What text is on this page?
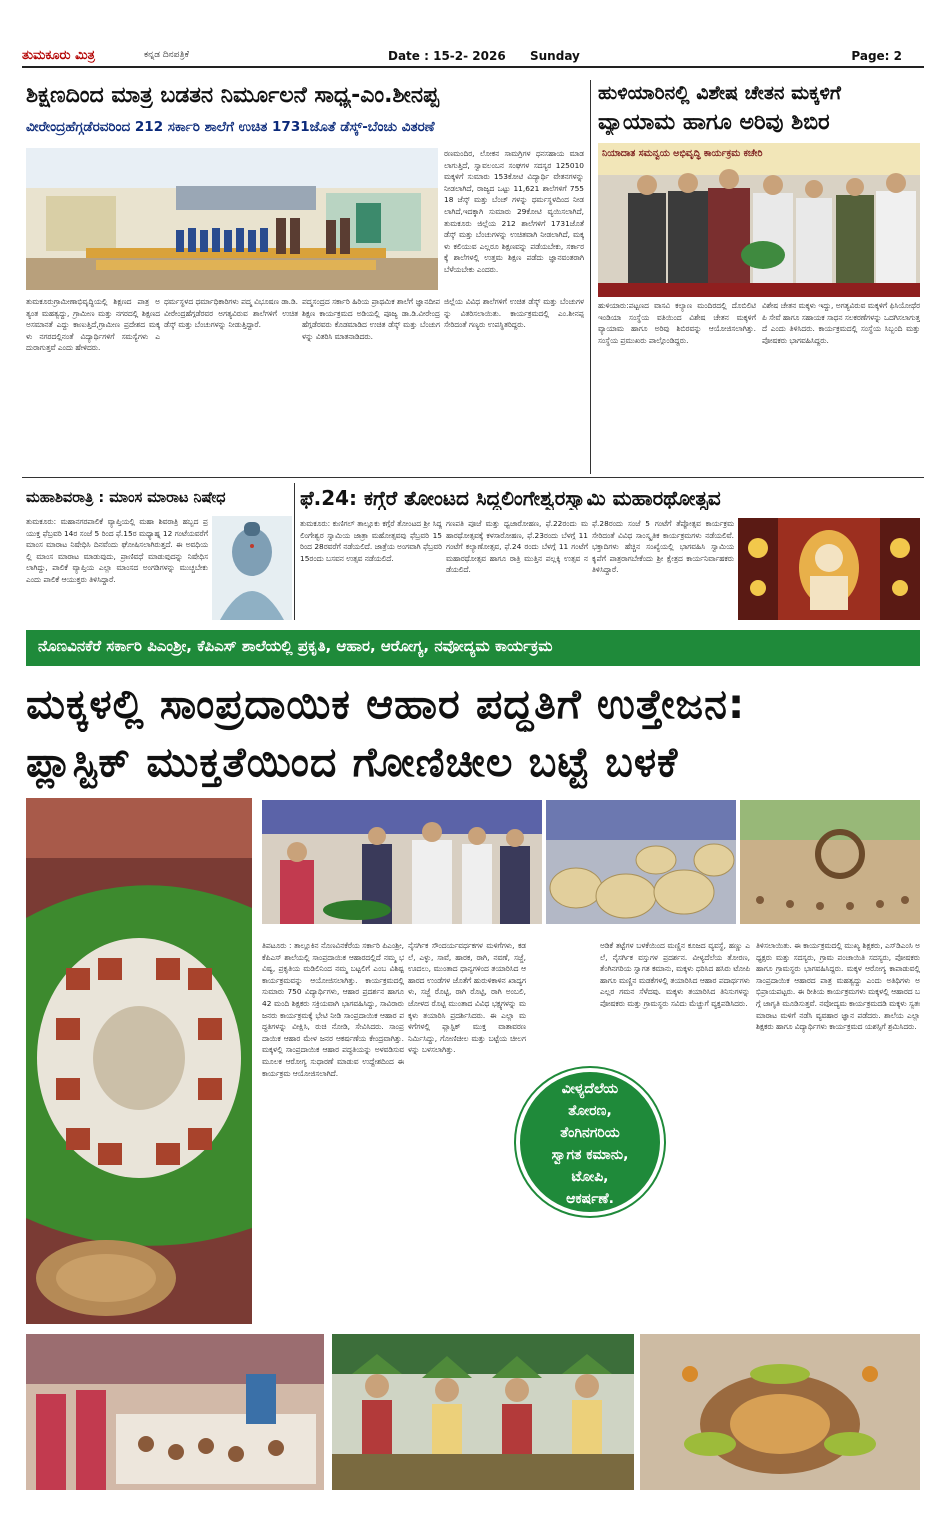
ತುಮಕೂರು ಮಿತ್ರ	ಕನ್ನಡ ದಿನಪತ್ರಿಕೆ	Date : 15-2- 2026 Sunday	Page: 2
ಶಿಕ್ಷಣದಿಂದ ಮಾತ್ರ ಬಡತನ ನಿರ್ಮೂಲನೆ ಸಾಧ್ಯ-ಎಂ.ಶೀನಪ್ಪ
ವೀರೇಂದ್ರಹೆಗ್ಗಡೆರವರಿಂದ 212 ಸರ್ಕಾರಿ ಶಾಲೆಗೆ ಉಚಿತ 1731ಜೊತೆ ಡೆಸ್ಕ್-ಬೆಂಚು ವಿತರಣೆ
ರಣಮಂದಿರ, ಲೋಕನ ಸಾಮಗ್ರಿಗಳ ಧನಸಹಾಯ ಮಾಡಲಾಗುತ್ತಿದೆ, ಸ್ವಾವಲಂಬನ ಸಂಘಗಳ ಸದಸ್ಯರ 125010 ಮಕ್ಕಳಿಗೆ ಸುಮಾರು 153ಕೋಟಿ ವಿದ್ಯಾರ್ಥಿ ವೇತನಗಳನ್ನು ನೀಡಲಾಗಿದೆ, ರಾಜ್ಯದ ಒಟ್ಟು 11,621 ಶಾಲೆಗಳಿಗೆ 75518 ಜೆಸ್ಕ್ ಮತ್ತು ಬೆಂಚ್ ಗಳನ್ನು ಧರ್ಮಸ್ಥಳದಿಂದ ನೀಡಲಾಗಿದೆ,ಇದಕ್ಕಾಗಿ ಸುಮಾರು 29ಕೋಟಿ ವ್ಯಯಿಸಲಾಗಿದೆ, ತುಮಕೂರು ಜಿಲ್ಲೆಯ 212 ಶಾಲೆಗಳಿಗೆ 1731ಜೊತೆ ಡೆಸ್ಕ್ ಮತ್ತು ಬೆಂಚುಗಳನ್ನು ಉಚಿತವಾಗಿ ನೀಡಲಾಗಿದೆ, ಮಕ್ಕಳು ಕಲಿಯುವ ಎಲ್ಲರೂ ಶಿಕ್ಷಣವನ್ನು ಪಡೆಯಬೇಕು, ಸರ್ಕಾರಕ್ಕೆ ಶಾಲೆಗಳಲ್ಲಿ ಉತ್ತಮ ಶಿಕ್ಷಣ ಪಡೆದು ಜ್ಞಾನವಂತರಾಗಿ ಬೆಳೆಯಬೇಕು ಎಂದರು.
ತುಮಕೂರುಗ್ರಾಮೀಣಾಭಿವೃದ್ಧಿಯಲ್ಲಿ ಶಿಕ್ಷಣದ ಪಾತ್ರ ಅತ್ಯಂತ ಮಹತ್ವದ್ದು, ಗ್ರಾಮೀಣ ಮತ್ತು ನಗರದಲ್ಲಿ ಶಿಕ್ಷಣದ ಅಸಮಾನತೆ ಎದ್ದು ಕಾಣುತ್ತಿದೆ,ಗ್ರಾಮೀಣ ಪ್ರದೇಶದ ಮಕ್ಕಳು ನಗರದಲ್ಲಿನಂತೆ ವಿದ್ಯಾರ್ಥಿಗಳಿಗೆ ಸಮಸ್ಯೆಗಳು ಎದುರಾಗುತ್ತವೆ ಎಂದು ಹೇಳಿದರು.
ಧರ್ಮಸ್ಥಳದ ಧರ್ಮಾಧಿಕಾರಿಗಳು ಪದ್ಮ ವಿಭೂಷಣ ಡಾ.ಡಿ.ವೀರೇಂದ್ರಹೆಗ್ಗಡೆರವರ ಅಗತ್ಯವಿರುವ ಶಾಲೆಗಳಿಗೆ ಉಚಿತ ಡೆಸ್ಕ್ ಮತ್ತು ಬೆಂಚುಗಳನ್ನು ನೀಡುತ್ತಿದ್ದಾರೆ.
ಪದ್ಮಸಂದ್ರದ ಸರ್ಕಾರಿ ಹಿರಿಯ ಪ್ರಾಥಮಿಕ ಶಾಲೆಗೆ ಜ್ಞಾನದೀಪ ಶಿಕ್ಷಣ ಕಾರ್ಯಕ್ರಮದ ಅಡಿಯಲ್ಲಿ ಪೂಜ್ಯ ಡಾ.ಡಿ.ವೀರೇಂದ್ರ ಹೆಗ್ಗಡೆರವರು ಕೊಡಮಾಡಿದ ಉಚಿತ ಡೆಸ್ಕ್ ಮತ್ತು ಬೆಂಚುಗಳನ್ನು ವಿತರಿಸಿ ಮಾತನಾಡಿದರು.
ಜಿಲ್ಲೆಯ ವಿವಿಧ ಶಾಲೆಗಳಿಗೆ ಉಚಿತ ಡೆಸ್ಕ್ ಮತ್ತು ಬೆಂಚುಗಳನ್ನು ವಿತರಿಸಲಾಯಿತು. ಕಾರ್ಯಕ್ರಮದಲ್ಲಿ ಎಂ.ಶೀನಪ್ಪ ಸೇರಿದಂತೆ ಗಣ್ಯರು ಉಪಸ್ಥಿತರಿದ್ದರು.
ಹುಳಿಯಾರಿನಲ್ಲಿ ವಿಶೇಷ ಚೇತನ ಮಕ್ಕಳಿಗೆ
ವ್ಯಾಯಾಮ ಹಾಗೂ ಅರಿವು ಶಿಬಿರ
ನಿಯಾದಾತ ಸಮನ್ವಯ ಅಭಿವೃದ್ಧಿ ಕಾರ್ಯಕ್ರಮ ಕಚೇರಿ
ಹುಳಿಯಾರು:ಪಟ್ಟಣದ ವಾಸವಿ ಕಲ್ಯಾಣ ಮಂದಿರದಲ್ಲಿ ದೊಬಿಲಿಟಿ ಇಂಡಿಯಾ ಸಂಸ್ಥೆಯ ವತಿಯಿಂದ ವಿಶೇಷ ಚೇತನ ಮಕ್ಕಳಿಗೆ ವ್ಯಾಯಾಮ ಹಾಗೂ ಅರಿವು ಶಿಬಿರವನ್ನು ಆಯೋಜಿಸಲಾಗಿತ್ತು. ಸಂಸ್ಥೆಯ ಪ್ರಮುಖರು ಪಾಲ್ಗೊಂಡಿದ್ದರು.
ವಿಶೇಷ ಚೇತನ ಮಕ್ಕಳು ಇದ್ದು, ಅಗತ್ಯವಿರುವ ಮಕ್ಕಳಿಗೆ ಫಿಸಿಯೋಥೆರಪಿ ಸೇವೆ ಹಾಗೂ ಸಹಾಯಕ ಸಾಧನ ಸಲಕರಣೆಗಳನ್ನು ಒದಗಿಸಲಾಗುತ್ತದೆ ಎಂದು ತಿಳಿಸಿದರು. ಕಾರ್ಯಕ್ರಮದಲ್ಲಿ ಸಂಸ್ಥೆಯ ಸಿಬ್ಬಂದಿ ಮತ್ತು ಪೋಷಕರು ಭಾಗವಹಿಸಿದ್ದರು.
ಮಹಾಶಿವರಾತ್ರಿ : ಮಾಂಸ ಮಾರಾಟ ನಿಷೇಧ
ತುಮಕೂರು: ಮಹಾನಗರಪಾಲಿಕೆ ವ್ಯಾಪ್ತಿಯಲ್ಲಿ ಮಹಾ ಶಿವರಾತ್ರಿ ಹಬ್ಬದ ಪ್ರಯುಕ್ತ ಫೆಬ್ರವರಿ 14ರ ಸಂಜೆ 5 ರಿಂದ ಫೆ.15ರ ಮಧ್ಯಾಹ್ನ 12 ಗಂಟೆಯವರೆಗೆ ಮಾಂಸ ಮಾರಾಟ ನಿಷೇಧಿಸಿ ದಿನವೆಂದು ಘೋಷಿಸಲಾಗಿರುತ್ತದೆ. ಈ ಅವಧಿಯಲ್ಲಿ ಮಾಂಸ ಮಾರಾಟ ಮಾಡುವುದು, ಪ್ರಾಣಿವಧೆ ಮಾಡುವುದನ್ನು ನಿಷೇಧಿಸಲಾಗಿದ್ದು, ಪಾಲಿಕೆ ವ್ಯಾಪ್ತಿಯ ಎಲ್ಲಾ ಮಾಂಸದ ಅಂಗಡಿಗಳನ್ನು ಮುಚ್ಚಬೇಕು ಎಂದು ಪಾಲಿಕೆ ಆಯುಕ್ತರು ತಿಳಿಸಿದ್ದಾರೆ.
ಫೆ.24: ಕಗ್ಗೆರೆ ತೋಂಟದ ಸಿದ್ದಲಿಂಗೇಶ್ವರಸ್ವಾಮಿ ಮಹಾರಥೋತ್ಸವ
ತುಮಕೂರು: ಕುಣಿಗಲ್ ತಾಲ್ಲೂಕು ಕಗ್ಗೆರೆ ತೋಂಟದ ಶ್ರೀ ಸಿದ್ದಲಿಂಗೇಶ್ವರ ಸ್ವಾಮಿಯ ಜಾತ್ರಾ ಮಹೋತ್ಸವವು ಫೆಬ್ರವರಿ 15 ರಿಂದ 28ರವರೆಗೆ ನಡೆಯಲಿದೆ. ಜಾತ್ರೆಯ ಅಂಗವಾಗಿ ಫೆಬ್ರವರಿ 15ರಂದು ಬಸವನ ಉತ್ಸವ ನಡೆಯಲಿದೆ.
ಗಣಪತಿ ಪೂಜೆ ಮತ್ತು ಧ್ವಜಾರೋಹಣ, ಫೆ.22ರಂದು ಮಹಾರಥೋತ್ಸವಕ್ಕೆ ಕಳಸಾರೋಹಣ, ಫೆ.23ರಂದು ಬೆಳಗ್ಗೆ 11 ಗಂಟೆಗೆ ಕಲ್ಯಾಣೋತ್ಸವ, ಫೆ.24 ರಂದು ಬೆಳಗ್ಗೆ 11 ಗಂಟೆಗೆ ಮಹಾರಥೋತ್ಸವ ಹಾಗೂ ರಾತ್ರಿ ಮುತ್ತಿನ ಪಲ್ಲಕ್ಕಿ ಉತ್ಸವ ನಡೆಯಲಿದೆ.
ಫೆ.28ರಂದು ಸಂಜೆ 5 ಗಂಟೆಗೆ ತೆಪ್ಪೋತ್ಸವ ಕಾರ್ಯಕ್ರಮ ಸೇರಿದಂತೆ ವಿವಿಧ ಸಾಂಸ್ಕೃತಿಕ ಕಾರ್ಯಕ್ರಮಗಳು ನಡೆಯಲಿವೆ. ಭಕ್ತಾದಿಗಳು ಹೆಚ್ಚಿನ ಸಂಖ್ಯೆಯಲ್ಲಿ ಭಾಗವಹಿಸಿ ಸ್ವಾಮಿಯ ಕೃಪೆಗೆ ಪಾತ್ರರಾಗಬೇಕೆಂದು ಶ್ರೀ ಕ್ಷೇತ್ರದ ಕಾರ್ಯನಿರ್ವಾಹಕರು ತಿಳಿಸಿದ್ದಾರೆ.
ನೊಣವಿನಕೆರೆ ಸರ್ಕಾರಿ ಪಿಎಂಶ್ರೀ, ಕೆಪಿಎಸ್ ಶಾಲೆಯಲ್ಲಿ ಪ್ರಕೃತಿ, ಆಹಾರ, ಆರೋಗ್ಯ, ನವೋದ್ಯಮ ಕಾರ್ಯಕ್ರಮ
ಮಕ್ಕಳಲ್ಲಿ ಸಾಂಪ್ರದಾಯಿಕ ಆಹಾರ ಪದ್ಧತಿಗೆ ಉತ್ತೇಜನ:
ಪ್ಲಾಸ್ಟಿಕ್ ಮುಕ್ತತೆಯಿಂದ ಗೋಣಿಚೀಲ ಬಟ್ಟೆ ಬಳಕೆ
ತಿಪಟೂರು : ತಾಲ್ಲೂಕಿನ ನೊಣವಿನಕೆರೆಯ ಸರ್ಕಾರಿ ಪಿಎಂಶ್ರೀ, ಕೆಪಿಎಸ್ ಶಾಲೆಯಲ್ಲಿ ಸಾಂಪ್ರದಾಯಿಕ ಆಹಾರದಲ್ಲಿದೆ ನಮ್ಮ ಭವಿಷ್ಯ, ಪ್ರಕೃತಿಯ ಮಡಿಲಿನಿಂದ ನಮ್ಮ ಬಟ್ಟಲಿಗೆ ಎಂಬ ವಿಶಿಷ್ಟ ಕಾರ್ಯಕ್ರಮವನ್ನು ಆಯೋಜಿಸಲಾಗಿತ್ತು. ಕಾರ್ಯಕ್ರಮದಲ್ಲಿ ಸುಮಾರು 750 ವಿದ್ಯಾರ್ಥಿಗಳು, ಆಹಾರ ಪ್ರದರ್ಶನ ಹಾಗೂ 42 ಮಂದಿ ಶಿಕ್ಷಕರು ಸಕ್ರಿಯವಾಗಿ ಭಾಗವಹಿಸಿದ್ದು, ಸಾವಿರಾರು ಜನರು ಕಾರ್ಯಕ್ರಮಕ್ಕೆ ಭೇಟಿ ನೀಡಿ ಸಾಂಪ್ರದಾಯಿಕ ಆಹಾರ ಪದ್ಧತಿಗಳನ್ನು ವೀಕ್ಷಿಸಿ, ರುಚಿ ನೋಡಿ, ಸೇವಿಸಿದರು. ಸಾಂಪ್ರದಾಯಿಕ ಆಹಾರ ಮೇಳ ಜನರ ಆಕರ್ಷಣೆಯ ಕೇಂದ್ರವಾಗಿತ್ತು. ಮಕ್ಕಳಲ್ಲಿ ಸಾಂಪ್ರದಾಯಿಕ ಆಹಾರ ಪದ್ಧತಿಯನ್ನು ಅಳವಡಿಸುವ ಮೂಲಕ ಆರೋಗ್ಯ ಸುಧಾರಣೆ ಮಾಡುವ ಉದ್ದೇಶದಿಂದ ಈ ಕಾರ್ಯಕ್ರಮ ಆಯೋಜಿಸಲಾಗಿದೆ.
ನೈಸರ್ಗಿಕ ಸೌಂದರ್ಯವರ್ಧಕಗಳ ಮಳಿಗೆಗಳು, ಕಡಲೆ, ಎಳ್ಳು, ಸಾವೆ, ಹಾರಕ, ರಾಗಿ, ನವಣೆ, ಸಜ್ಜೆ, ಊದಲು, ಮುಂತಾದ ಧಾನ್ಯಗಳಿಂದ ತಯಾರಿಸಿದ ಆಹಾರದ ಉಂಡೆಗಳ ಜೊತೆಗೆ ಹುರುಳಿಕಾಳಿನ ಖಾದ್ಯಗಳು, ಸಜ್ಜೆ ರೊಟ್ಟಿ, ರಾಗಿ ರೊಟ್ಟಿ, ರಾಗಿ ಅಂಬಲಿ, ಜೋಳದ ರೊಟ್ಟಿ ಮುಂತಾದ ವಿವಿಧ ಭಕ್ಷ್ಯಗಳನ್ನು ಮಕ್ಕಳು ತಯಾರಿಸಿ ಪ್ರದರ್ಶಿಸಿದರು. ಈ ಎಲ್ಲಾ ಮಳಿಗೆಗಳಲ್ಲಿ ಪ್ಲಾಸ್ಟಿಕ್ ಮುಕ್ತ ವಾತಾವರಣ ನಿರ್ಮಿಸಿದ್ದು, ಗೋಣಿಚೀಲ ಮತ್ತು ಬಟ್ಟೆಯ ಚೀಲಗಳನ್ನು ಬಳಸಲಾಗಿತ್ತು.
ಅಡಿಕೆ ತಟ್ಟೆಗಳ ಬಳಕೆಯಿಂದ ಮಣ್ಣಿನ ಕೂಜದ ವ್ಯವಸ್ಥೆ, ಹಣ್ಣು ಎಲೆ, ನೈಸರ್ಗಿಕ ವಸ್ತುಗಳ ಪ್ರದರ್ಶನ. ವೀಳ್ಯದೆಲೆಯ ತೋರಣ, ತೆಂಗಿನಗರಿಯ ಸ್ವಾಗತ ಕಮಾನು, ಮಕ್ಕಳು ಧರಿಸಿದ ಹಸಿರು ಟೋಪಿ ಹಾಗೂ ಮಣ್ಣಿನ ಮಡಕೆಗಳಲ್ಲಿ ತಯಾರಿಸಿದ ಆಹಾರ ಪದಾರ್ಥಗಳು ಎಲ್ಲರ ಗಮನ ಸೆಳೆದವು. ಮಕ್ಕಳು ತಯಾರಿಸಿದ ತಿನಿಸುಗಳನ್ನು ಪೋಷಕರು ಮತ್ತು ಗ್ರಾಮಸ್ಥರು ಸವಿದು ಮೆಚ್ಚುಗೆ ವ್ಯಕ್ತಪಡಿಸಿದರು.
ತಿಳಿಸಲಾಯಿತು. ಈ ಕಾರ್ಯಕ್ರಮದಲ್ಲಿ ಮುಖ್ಯ ಶಿಕ್ಷಕರು, ಎಸ್‌ಡಿಎಂಸಿ ಅಧ್ಯಕ್ಷರು ಮತ್ತು ಸದಸ್ಯರು, ಗ್ರಾಮ ಪಂಚಾಯಿತಿ ಸದಸ್ಯರು, ಪೋಷಕರು ಹಾಗೂ ಗ್ರಾಮಸ್ಥರು ಭಾಗವಹಿಸಿದ್ದರು. ಮಕ್ಕಳ ಆರೋಗ್ಯ ಕಾಪಾಡುವಲ್ಲಿ ಸಾಂಪ್ರದಾಯಿಕ ಆಹಾರದ ಪಾತ್ರ ಮಹತ್ವದ್ದು ಎಂದು ಅತಿಥಿಗಳು ಅಭಿಪ್ರಾಯಪಟ್ಟರು. ಈ ರೀತಿಯ ಕಾರ್ಯಕ್ರಮಗಳು ಮಕ್ಕಳಲ್ಲಿ ಆಹಾರದ ಬಗ್ಗೆ ಜಾಗೃತಿ ಮೂಡಿಸುತ್ತವೆ. ನವೋದ್ಯಮ ಕಾರ್ಯಕ್ರಮದಡಿ ಮಕ್ಕಳು ಸ್ವತಃ ಮಾರಾಟ ಮಳಿಗೆ ನಡೆಸಿ ವ್ಯವಹಾರ ಜ್ಞಾನ ಪಡೆದರು. ಶಾಲೆಯ ಎಲ್ಲಾ ಶಿಕ್ಷಕರು ಹಾಗೂ ವಿದ್ಯಾರ್ಥಿಗಳು ಕಾರ್ಯಕ್ರಮದ ಯಶಸ್ಸಿಗೆ ಶ್ರಮಿಸಿದರು.
ವೀಳ್ಯದೆಲೆಯ
ತೋರಣ,
ತೆಂಗಿನಗರಿಯ
ಸ್ವಾಗತ ಕಮಾನು,
ಟೋಪಿ,
ಆಕರ್ಷಣೆ.
